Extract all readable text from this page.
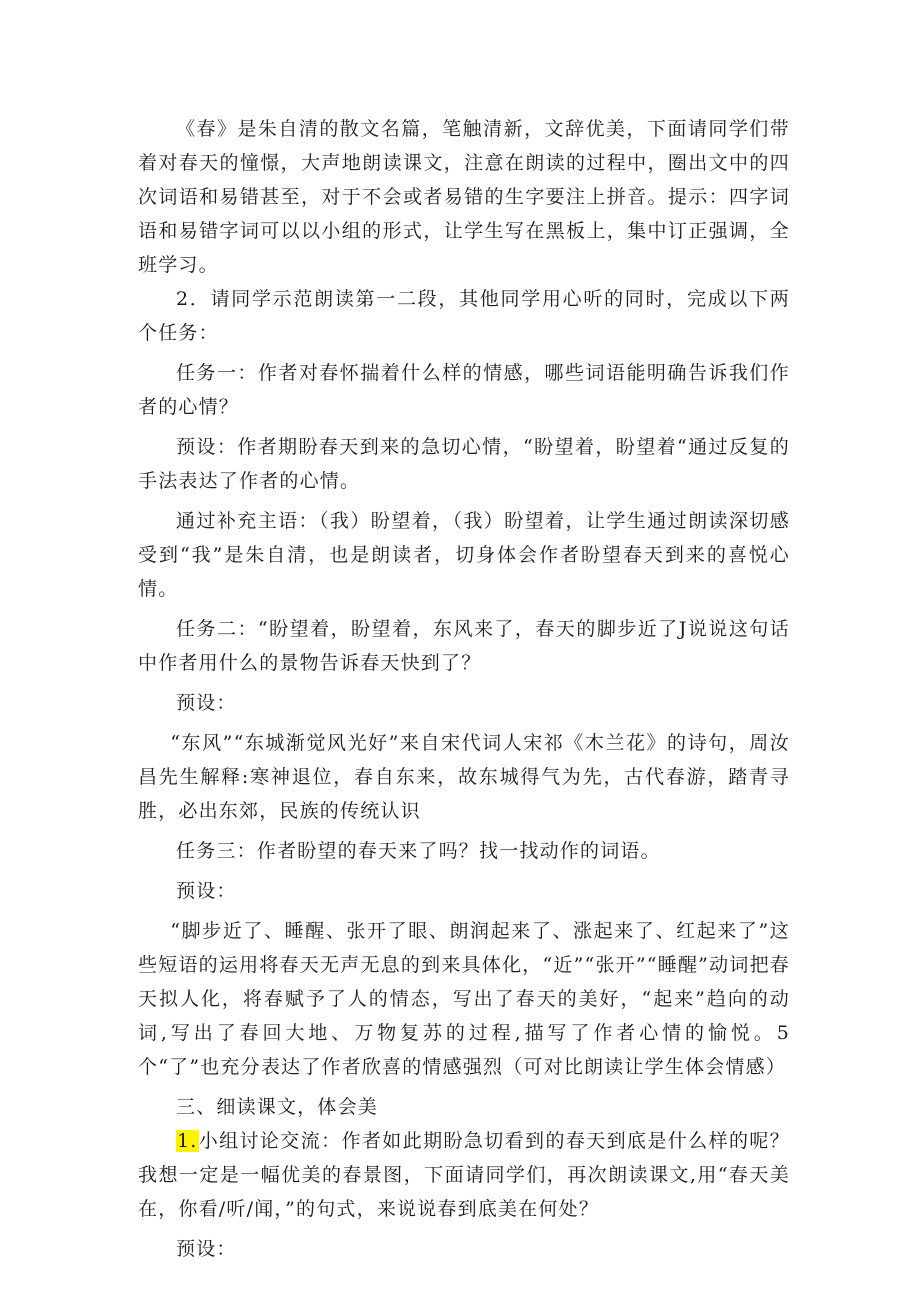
《春》是朱自清的散文名篇，笔触清新，文辞优美，下面请同学们带着对春天的憧憬，大声地朗读课文，注意在朗读的过程中，圈出文中的四次词语和易错甚至，对于不会或者易错的生字要注上拼音。提示：四字词语和易错字词可以以小组的形式，让学生写在黑板上，集中订正强调，全班学习。

2．请同学示范朗读第一二段，其他同学用心听的同时，完成以下两个任务：

任务一：作者对春怀揣着什么样的情感，哪些词语能明确告诉我们作者的心情？

预设：作者期盼春天到来的急切心情，“盼望着，盼望着“通过反复的手法表达了作者的心情。

通过补充主语：（我）盼望着，（我）盼望着，让学生通过朗读深切感受到“我”是朱自清，也是朗读者，切身体会作者盼望春天到来的喜悦心情。

任务二：“盼望着，盼望着，东风来了，春天的脚步近了J说说这句话中作者用什么的景物告诉春天快到了？

预设：

“东风”“东城渐觉风光好”来自宋代词人宋祁《木兰花》的诗句，周汝昌先生解释:寒神退位，春自东来，故东城得气为先，古代春游，踏青寻胜，必出东郊，民族的传统认识

任务三：作者盼望的春天来了吗？找一找动作的词语。

预设：

“脚步近了、睡醒、张开了眼、朗润起来了、涨起来了、红起来了”这些短语的运用将春天无声无息的到来具体化，“近”“张开”“睡醒”动词把春天拟人化，将春赋予了人的情态，写出了春天的美好，“起来”趋向的动词,写出了春回大地、万物复苏的过程,描写了作者心情的愉悦。5个“了”也充分表达了作者欣喜的情感强烈（可对比朗读让学生体会情感）

三、细读课文，体会美

1.小组讨论交流：作者如此期盼急切看到的春天到底是什么样的呢？我想一定是一幅优美的春景图，下面请同学们，再次朗读课文,用“春天美在，你看/听/闻，”的句式，来说说春到底美在何处？

预设：
